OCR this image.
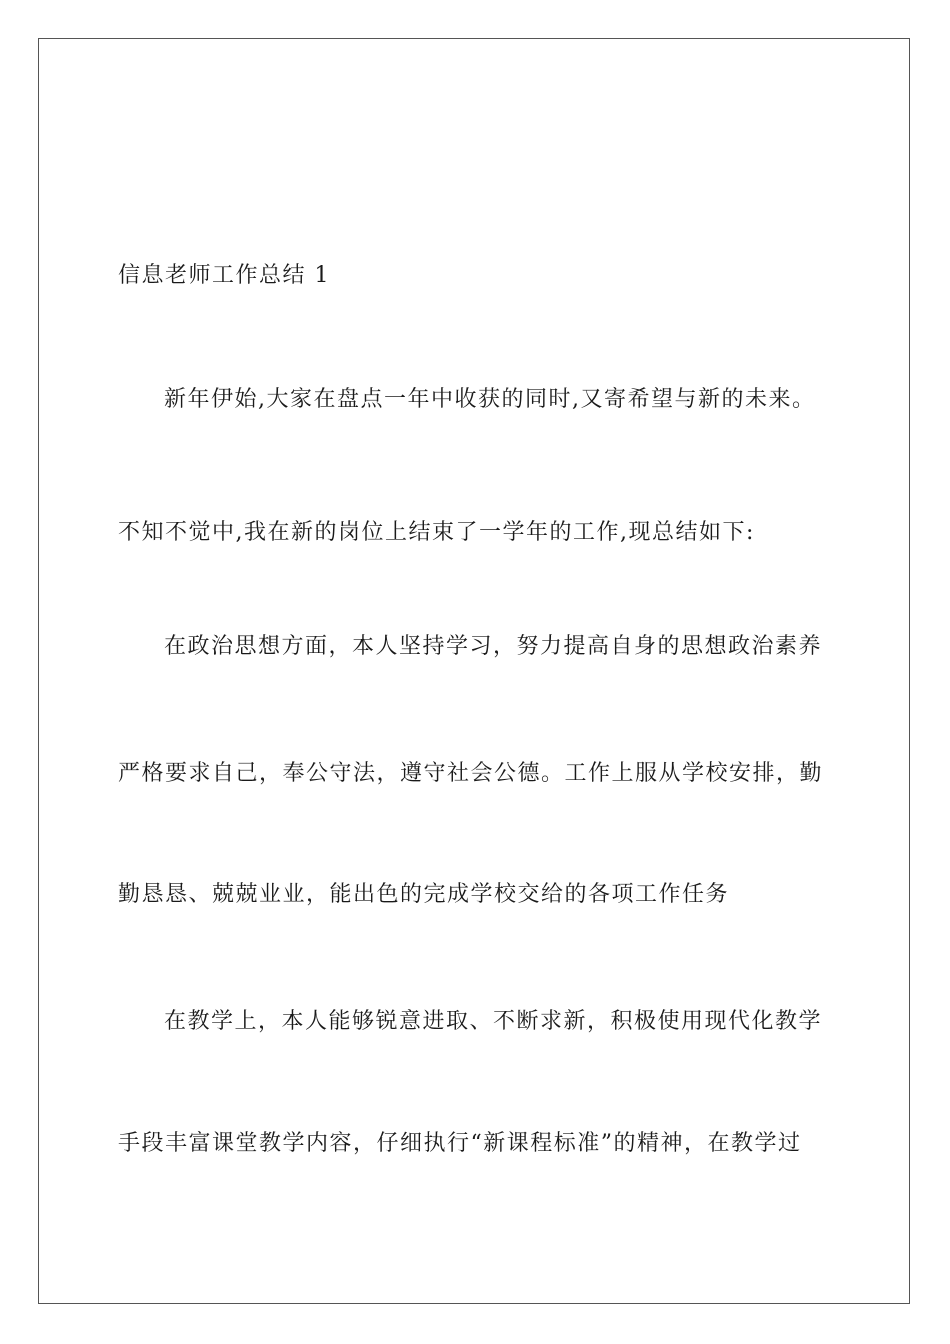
信息老师工作总结 1
新年伊始,大家在盘点一年中收获的同时,又寄希望与新的未来。
不知不觉中,我在新的岗位上结束了一学年的工作,现总结如下:
在政治思想方面，本人坚持学习，努力提高自身的思想政治素养
严格要求自己，奉公守法，遵守社会公德。工作上服从学校安排，勤
勤恳恳、兢兢业业，能出色的完成学校交给的各项工作任务
在教学上，本人能够锐意进取、不断求新，积极使用现代化教学
手段丰富课堂教学内容，仔细执行“新课程标准”的精神，在教学过
